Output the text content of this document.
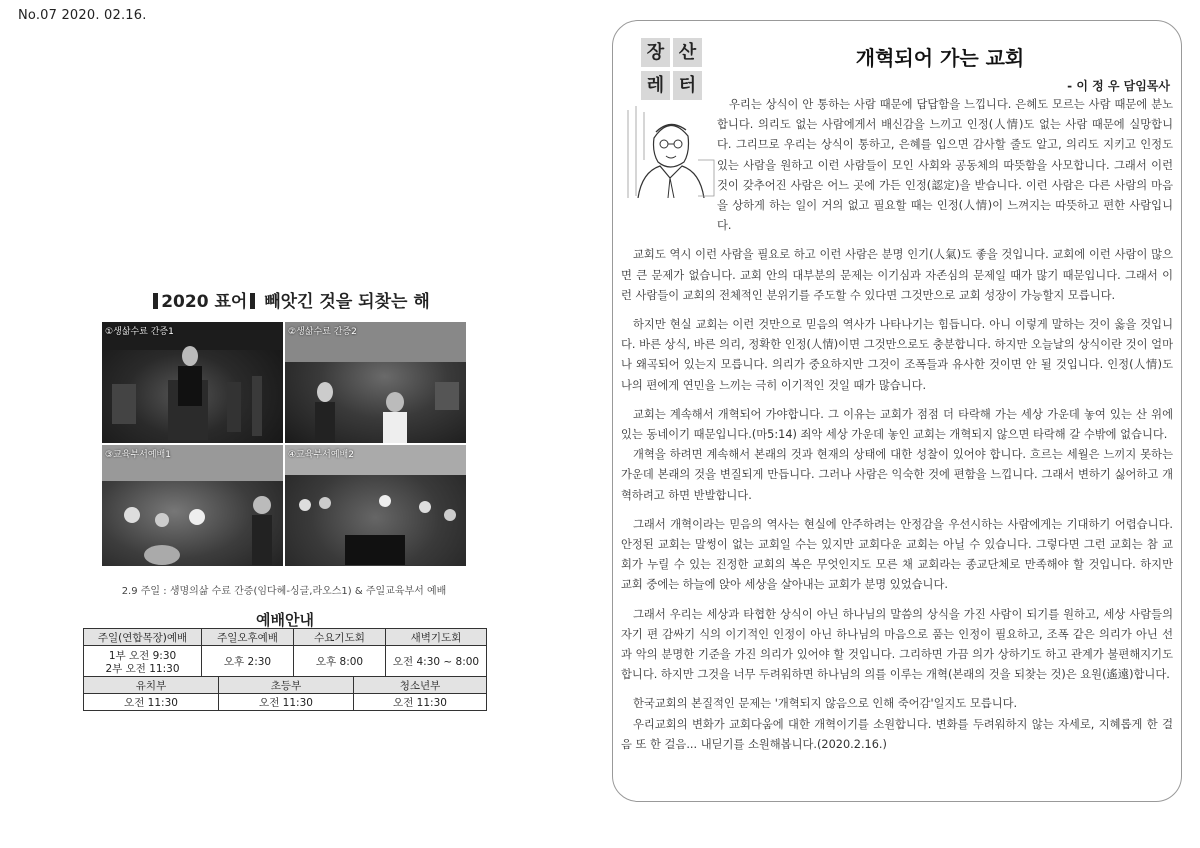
No.07 2020. 02.16.
2020 표어 빼앗긴 것을 되찾는 해
①생삶수료 간증1	②생삶수료 간증2
③교육부서예배1	④교육부서예배2
2.9 주일 : 생명의삶 수료 간증(임다혜-싱글,라오스1) & 주일교육부서 예배
예배안내
주일(연합목장)예배	주일오후예배	수요기도회	새벽기도회

1부 오전 9:30
2부 오전 11:30	오후 2:30	오후 8:00	오전 4:30 ~ 8:00
유치부	초등부	청소년부
오전 11:30	오전 11:30	오전 11:30
장 산
레 터
개혁되어 가는 교회
- 이 정 우 담임목사

우리는 상식이 안 통하는 사람 때문에 답답함을 느낍니다. 은혜도 모르는 사람 때문에 분노합니다. 의리도 없는 사람에게서 배신감을 느끼고 인정(人情)도 없는 사람 때문에 실망합니다. 그리므로 우리는 상식이 통하고, 은혜를 입으면 감사할 줄도 알고, 의리도 지키고 인정도 있는 사람을 원하고 이런 사람들이 모인 사회와 공동체의 따뜻함을 사모합니다. 그래서 이런 것이 갖추어진 사람은 어느 곳에 가든 인정(認定)을 받습니다. 이런 사람은 다른 사람의 마음을 상하게 하는 일이 거의 없고 필요할 때는 인정(人情)이 느껴지는 따뜻하고 편한 사람입니다.

교회도 역시 이런 사람을 필요로 하고 이런 사람은 분명 인기(人氣)도 좋을 것입니다. 교회에 이런 사람이 많으면 큰 문제가 없습니다. 교회 안의 대부분의 문제는 이기심과 자존심의 문제일 때가 많기 때문입니다. 그래서 이런 사람들이 교회의 전체적인 분위기를 주도할 수 있다면 그것만으로 교회 성장이 가능할지 모릅니다.

하지만 현실 교회는 이런 것만으로 믿음의 역사가 나타나기는 힘듭니다. 아니 이렇게 말하는 것이 옳을 것입니다. 바른 상식, 바른 의리, 정확한 인정(人情)이면 그것만으로도 충분합니다. 하지만 오늘날의 상식이란 것이 얼마나 왜곡되어 있는지 모릅니다. 의리가 중요하지만 그것이 조폭들과 유사한 것이면 안 될 것입니다. 인정(人情)도 나의 편에게 연민을 느끼는 극히 이기적인 것일 때가 많습니다.

교회는 계속해서 개혁되어 가야합니다. 그 이유는 교회가 점점 더 타락해 가는 세상 가운데 놓여 있는 산 위에 있는 동네이기 때문입니다.(마5:14) 죄악 세상 가운데 놓인 교회는 개혁되지 않으면 타락해 갈 수밖에 없습니다.

개혁을 하려면 계속해서 본래의 것과 현재의 상태에 대한 성찰이 있어야 합니다. 흐르는 세월은 느끼지 못하는 가운데 본래의 것을 변질되게 만듭니다. 그러나 사람은 익숙한 것에 편함을 느낍니다. 그래서 변하기 싫어하고 개혁하려고 하면 반발합니다.

그래서 개혁이라는 믿음의 역사는 현실에 안주하려는 안정감을 우선시하는 사람에게는 기대하기 어렵습니다. 안정된 교회는 말썽이 없는 교회일 수는 있지만 교회다운 교회는 아닐 수 있습니다. 그렇다면 그런 교회는 참 교회가 누릴 수 있는 진정한 교회의 복은 무엇인지도 모른 채 교회라는 종교단체로 만족해야 할 것입니다. 하지만 교회 중에는 하늘에 앉아 세상을 살아내는 교회가 분명 있었습니다.

그래서 우리는 세상과 타협한 상식이 아닌 하나님의 말씀의 상식을 가진 사람이 되기를 원하고, 세상 사람들의 자기 편 감싸기 식의 이기적인 인정이 아닌 하나님의 마음으로 품는 인정이 필요하고, 조폭 같은 의리가 아닌 선과 악의 분명한 기준을 가진 의리가 있어야 할 것입니다. 그리하면 가끔 의가 상하기도 하고 관계가 불편해지기도 합니다. 하지만 그것을 너무 두려워하면 하나님의 의를 이루는 개혁(본래의 것을 되찾는 것)은 요원(遙遠)합니다.

한국교회의 본질적인 문제는 '개혁되지 않음으로 인해 죽어감'일지도 모릅니다.

우리교회의 변화가 교회다움에 대한 개혁이기를 소원합니다. 변화를 두려워하지 않는 자세로, 지혜롭게 한 걸음 또 한 걸음... 내딛기를 소원해봅니다.(2020.2.16.)
